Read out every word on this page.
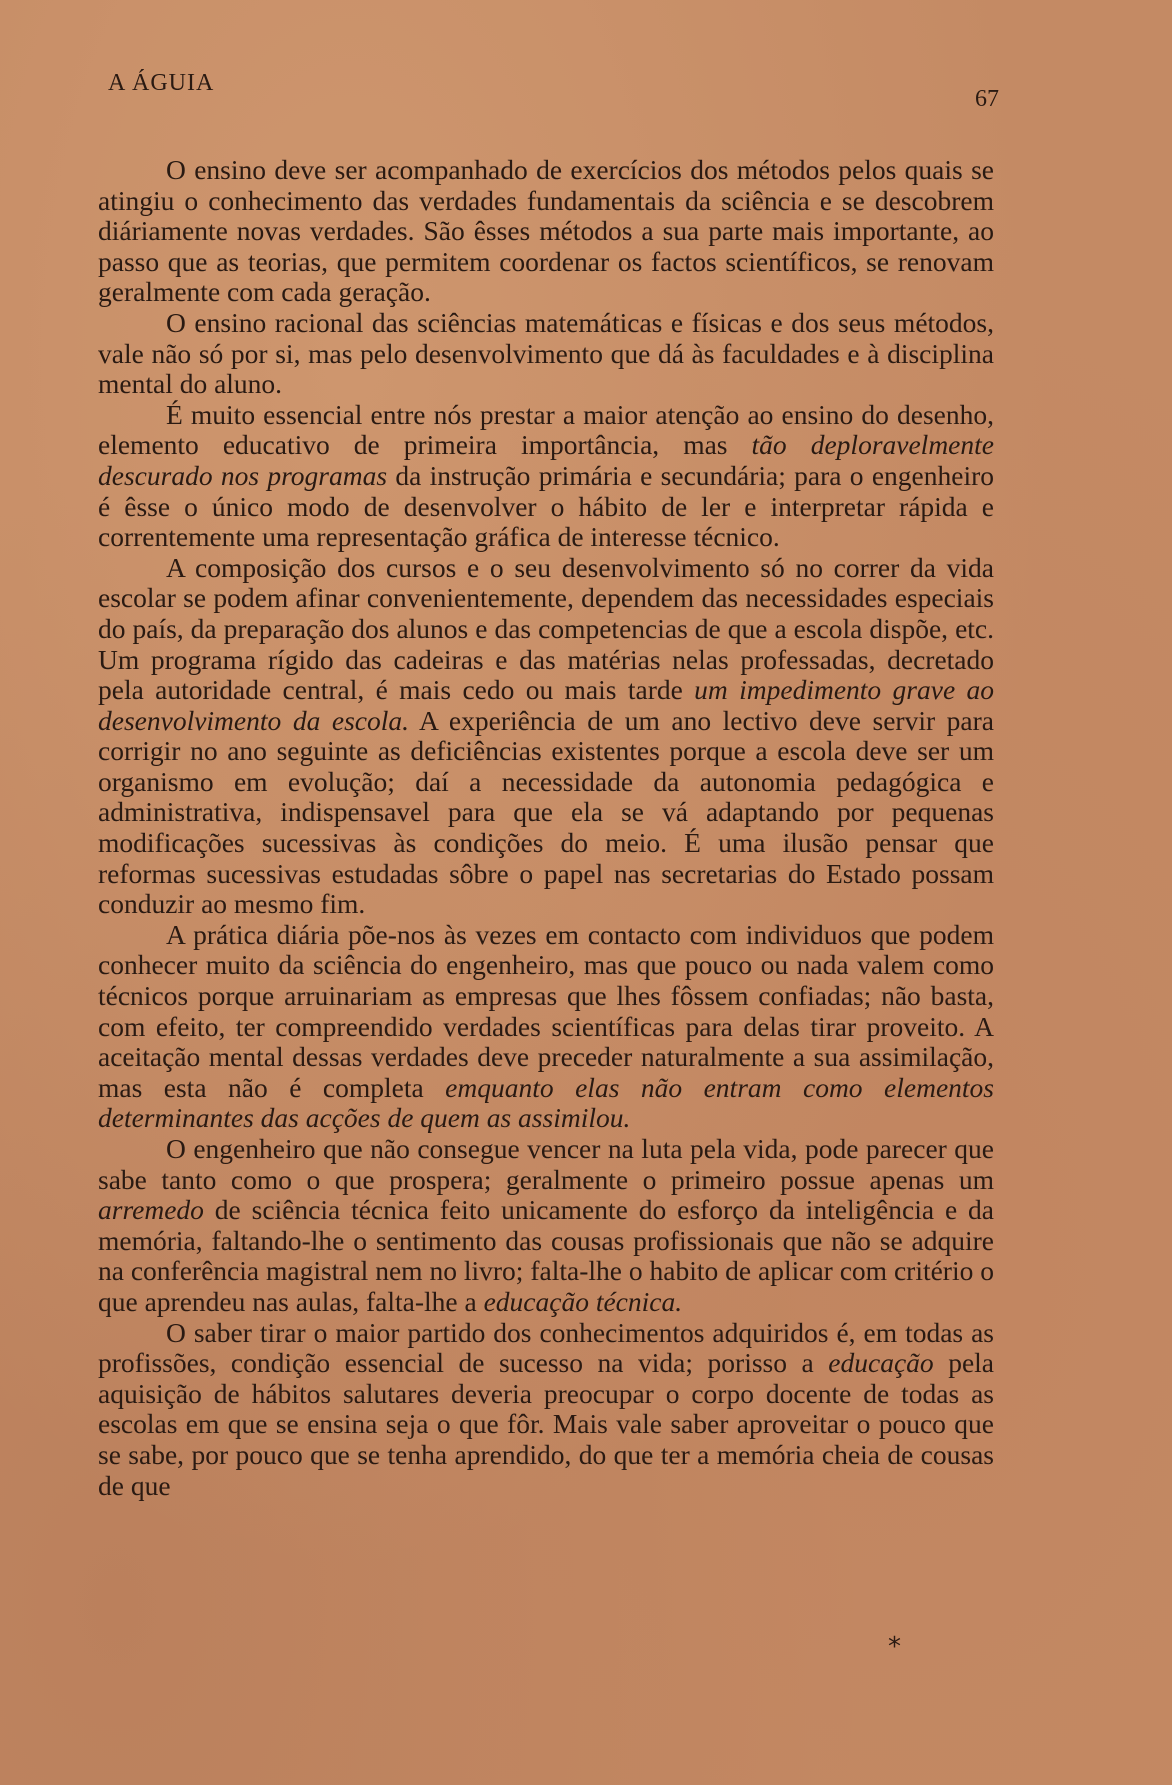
A ÁGUIA
67

O ensino deve ser acompanhado de exercícios dos métodos pelos quais se atingiu o conhecimento das verdades fundamentais da sciência e se descobrem diáriamente novas verdades. São êsses métodos a sua parte mais importante, ao passo que as teorias, que permitem coordenar os factos scientíficos, se renovam geralmente com cada geração.

O ensino racional das sciências matemáticas e físicas e dos seus métodos, vale não só por si, mas pelo desenvolvimento que dá às faculdades e à disciplina mental do aluno.

É muito essencial entre nós prestar a maior atenção ao ensino do desenho, elemento educativo de primeira importância, mas tão deploravelmente descurado nos programas da instrução primária e secundária; para o engenheiro é êsse o único modo de desenvolver o hábito de ler e interpretar rápida e correntemente uma representação gráfica de interesse técnico.

A composição dos cursos e o seu desenvolvimento só no correr da vida escolar se podem afinar convenientemente, dependem das necessidades especiais do país, da preparação dos alunos e das competencias de que a escola dispõe, etc. Um programa rígido das cadeiras e das matérias nelas professadas, decretado pela autoridade central, é mais cedo ou mais tarde um impedimento grave ao desenvolvimento da escola. A experiência de um ano lectivo deve servir para corrigir no ano seguinte as deficiências existentes porque a escola deve ser um organismo em evolução; daí a necessidade da autonomia pedagógica e administrativa, indispensavel para que ela se vá adaptando por pequenas modificações sucessivas às condições do meio. É uma ilusão pensar que reformas sucessivas estudadas sôbre o papel nas secretarias do Estado possam conduzir ao mesmo fim.

A prática diária põe-nos às vezes em contacto com individuos que podem conhecer muito da sciência do engenheiro, mas que pouco ou nada valem como técnicos porque arruinariam as empresas que lhes fôssem confiadas; não basta, com efeito, ter compreendido verdades scientíficas para delas tirar proveito. A aceitação mental dessas verdades deve preceder naturalmente a sua assimilação, mas esta não é completa emquanto elas não entram como elementos determinantes das acções de quem as assimilou.

O engenheiro que não consegue vencer na luta pela vida, pode parecer que sabe tanto como o que prospera; geralmente o primeiro possue apenas um arremedo de sciência técnica feito unicamente do esforço da inteligência e da memória, faltando-lhe o sentimento das cousas profissionais que não se adquire na conferência magistral nem no livro; falta-lhe o habito de aplicar com critério o que aprendeu nas aulas, falta-lhe a educação técnica.

O saber tirar o maior partido dos conhecimentos adquiridos é, em todas as profissões, condição essencial de sucesso na vida; porisso a educação pela aquisição de hábitos salutares deveria preocupar o corpo docente de todas as escolas em que se ensina seja o que fôr. Mais vale saber aproveitar o pouco que se sabe, por pouco que se tenha aprendido, do que ter a memória cheia de cousas de que

*
